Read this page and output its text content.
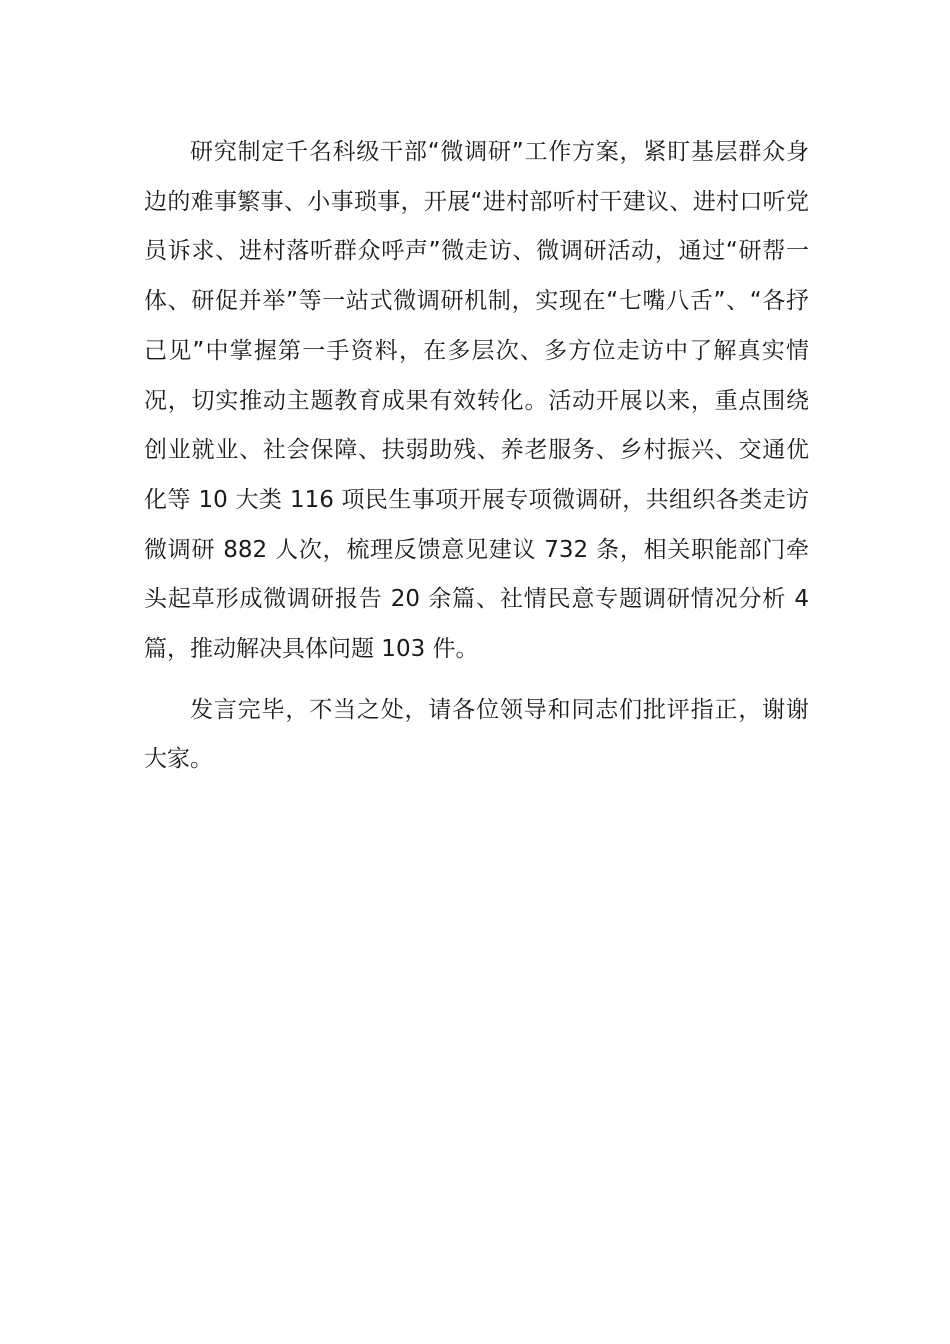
研究制定千名科级干部“微调研”工作方案，紧盯基层群众身边的难事繁事、小事琐事，开展“进村部听村干建议、进村口听党员诉求、进村落听群众呼声”微走访、微调研活动，通过“研帮一体、研促并举”等一站式微调研机制，实现在“七嘴八舌”、“各抒己见”中掌握第一手资料，在多层次、多方位走访中了解真实情况，切实推动主题教育成果有效转化。活动开展以来，重点围绕创业就业、社会保障、扶弱助残、养老服务、乡村振兴、交通优化等 10 大类 116 项民生事项开展专项微调研，共组织各类走访微调研 882 人次，梳理反馈意见建议 732 条，相关职能部门牵头起草形成微调研报告 20 余篇、社情民意专题调研情况分析 4 篇，推动解决具体问题 103 件。

发言完毕，不当之处，请各位领导和同志们批评指正，谢谢大家。
